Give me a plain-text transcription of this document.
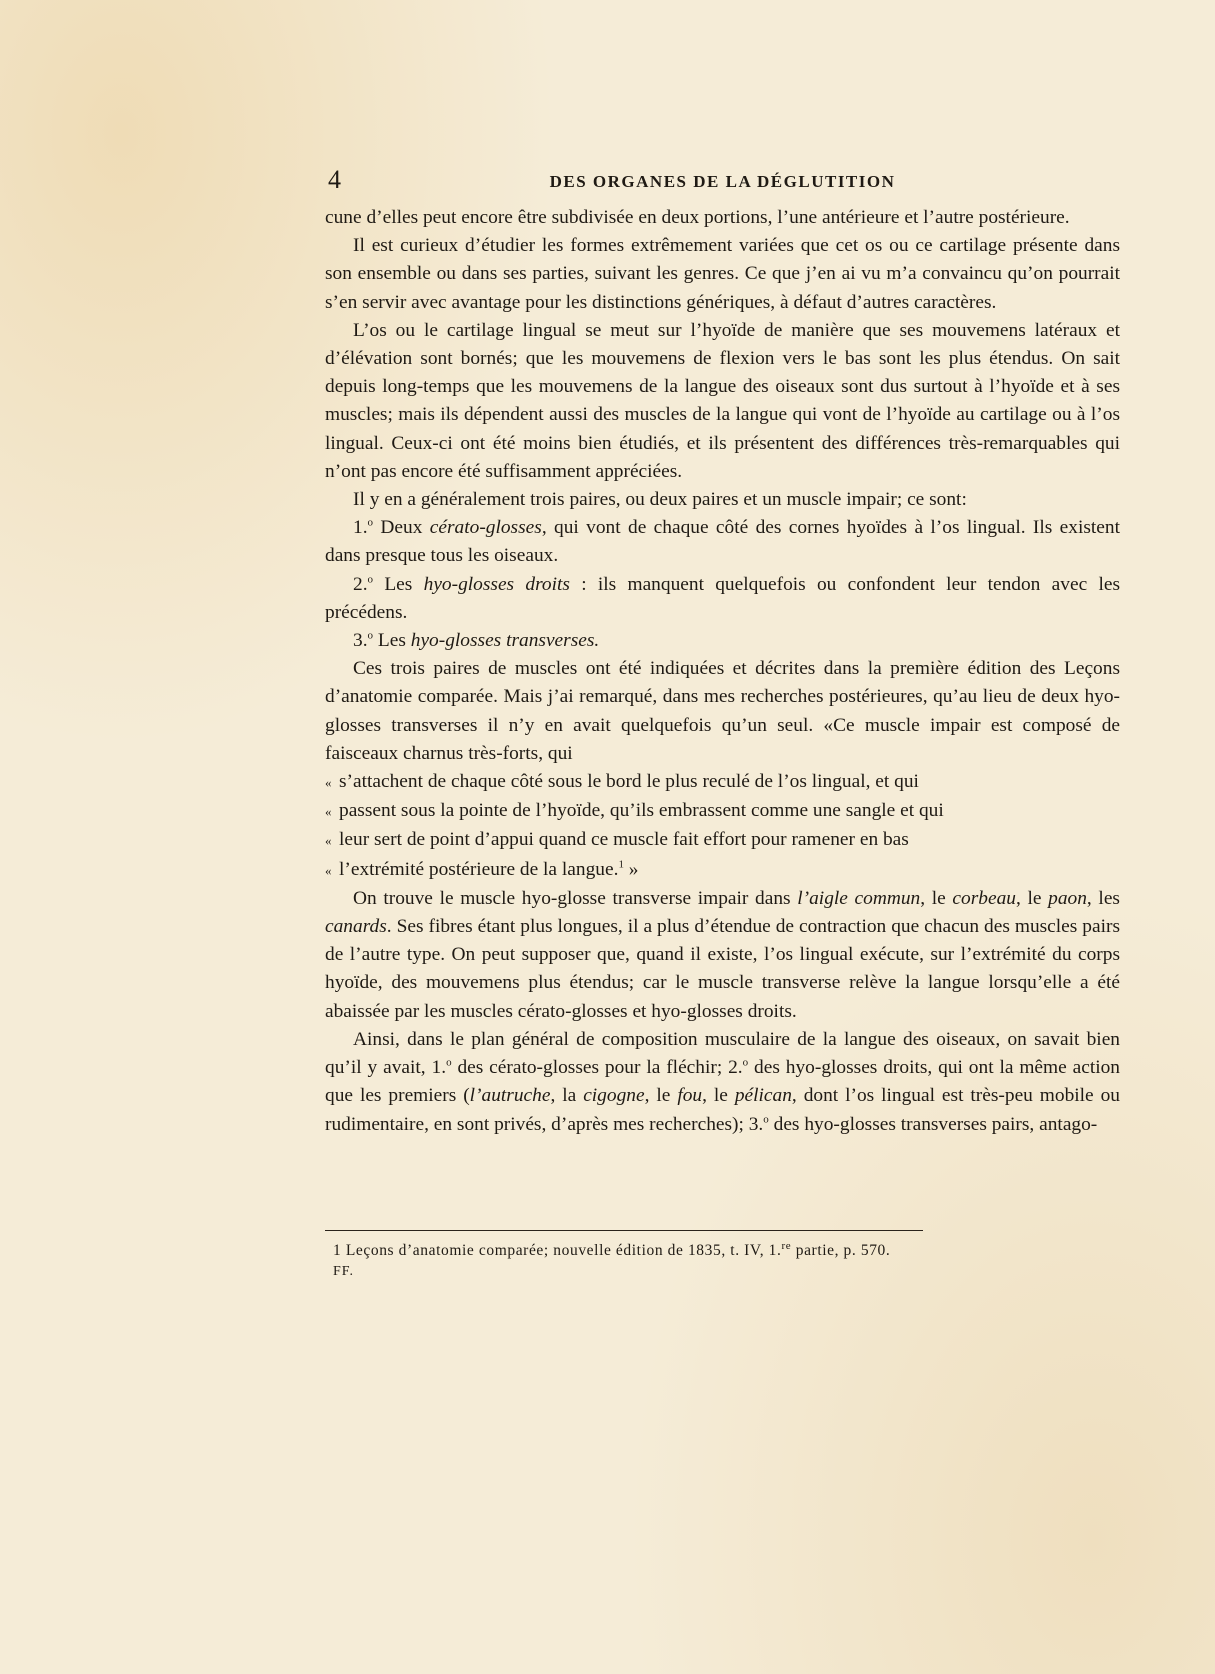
4	DES ORGANES DE LA DÉGLUTITION

cune d’elles peut encore être subdivisée en deux portions, l’une antérieure et l’autre postérieure.

Il est curieux d’étudier les formes extrêmement variées que cet os ou ce cartilage présente dans son ensemble ou dans ses parties, suivant les genres. Ce que j’en ai vu m’a convaincu qu’on pourrait s’en servir avec avantage pour les distinctions génériques, à défaut d’autres caractères.

L’os ou le cartilage lingual se meut sur l’hyoïde de manière que ses mouvemens latéraux et d’élévation sont bornés; que les mouvemens de flexion vers le bas sont les plus étendus. On sait depuis long-temps que les mouvemens de la langue des oiseaux sont dus surtout à l’hyoïde et à ses muscles; mais ils dépendent aussi des muscles de la langue qui vont de l’hyoïde au cartilage ou à l’os lingual. Ceux-ci ont été moins bien étudiés, et ils présentent des différences très-remarquables qui n’ont pas encore été suffisamment appréciées.

Il y en a généralement trois paires, ou deux paires et un muscle impair; ce sont:

1.$^o$ Deux cérato-glosses, qui vont de chaque côté des cornes hyoïdes à l’os lingual. Ils existent dans presque tous les oiseaux.

2.$^o$ Les hyo-glosses droits : ils manquent quelquefois ou confondent leur tendon avec les précédens.

3.$^o$ Les hyo-glosses transverses.

Ces trois paires de muscles ont été indiquées et décrites dans la première édition des Leçons d’anatomie comparée. Mais j’ai remarqué, dans mes recherches postérieures, qu’au lieu de deux hyo-glosses transverses il n’y en avait quelquefois qu’un seul. «Ce muscle impair est composé de faisceaux charnus très-forts, qui

« s’attachent de chaque côté sous le bord le plus reculé de l’os lingual, et qui

« passent sous la pointe de l’hyoïde, qu’ils embrassent comme une sangle et qui

« leur sert de point d’appui quand ce muscle fait effort pour ramener en bas

« l’extrémité postérieure de la langue.$^1$ »

On trouve le muscle hyo-glosse transverse impair dans l’aigle commun, le corbeau, le paon, les canards. Ses fibres étant plus longues, il a plus d’étendue de contraction que chacun des muscles pairs de l’autre type. On peut supposer que, quand il existe, l’os lingual exécute, sur l’extrémité du corps hyoïde, des mouvemens plus étendus; car le muscle transverse relève la langue lorsqu’elle a été abaissée par les muscles cérato-glosses et hyo-glosses droits.

Ainsi, dans le plan général de composition musculaire de la langue des oiseaux, on savait bien qu’il y avait, 1.$^o$ des cérato-glosses pour la fléchir; 2.$^o$ des hyo-glosses droits, qui ont la même action que les premiers (l’autruche, la cigogne, le fou, le pélican, dont l’os lingual est très-peu mobile ou rudimentaire, en sont privés, d’après mes recherches); 3.$^o$ des hyo-glosses transverses pairs, antago-

1 Leçons d’anatomie comparée; nouvelle édition de 1835, t. IV, 1.$^{re}$ partie, p. 570.
FF.
